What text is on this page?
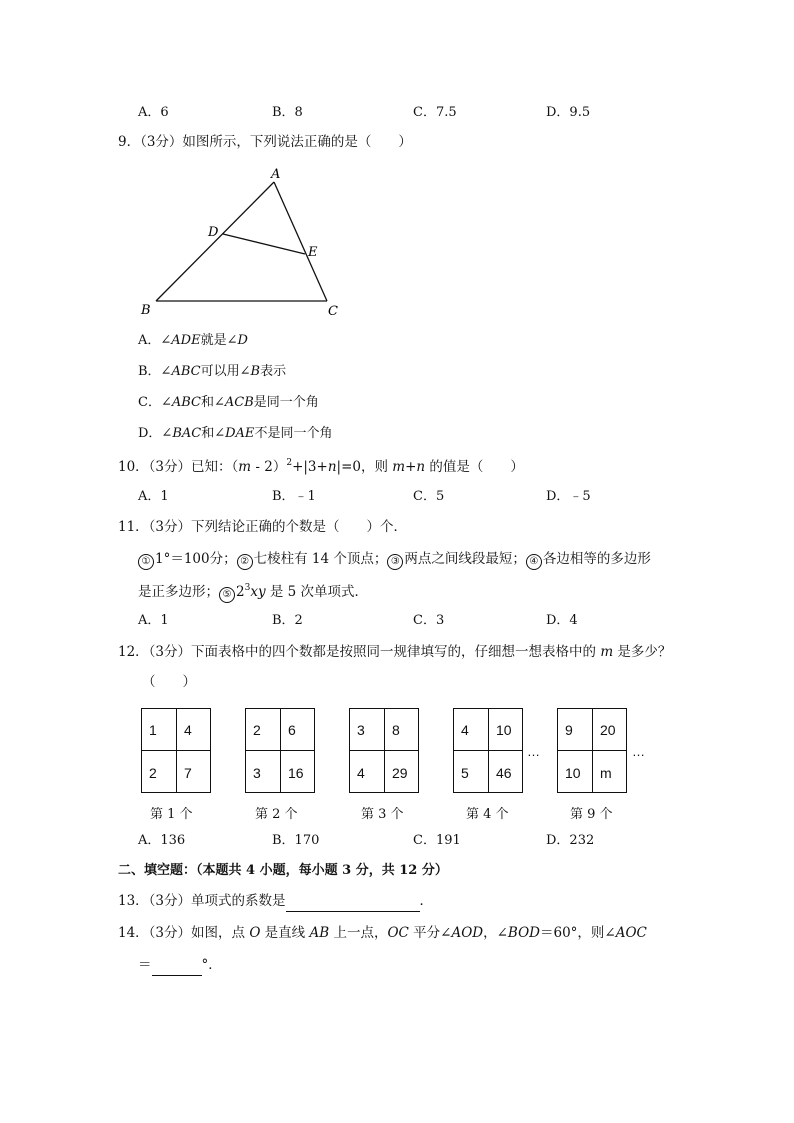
A．6	B．8	C．7.5	D．9.5
9．（3分）如图所示，下列说法正确的是（　　）
A
B	C
D
E
A．∠ADE就是∠D
B．∠ABC可以用∠B表示
C．∠ABC和∠ACB是同一个角
D．∠BAC和∠DAE不是同一个角
10．（3分）已知：（m - 2）$^2$+|3+n|=0，则 m+n 的值是（　　）
A．1	B．﹣1	C．5	D．﹣5
11．（3分）下列结论正确的个数是（　　）个．
① 1°＝100分； ② 七棱柱有 14 个顶点； ③ 两点之间线段最短； ④ 各边相等的多边形
是正多边形； ⑤ $2^3xy$ 是 5 次单项式．
A．1	B．2	C．3	D．4
12．（3分）下面表格中的四个数都是按照同一规律填写的，仔细想一想表格中的 m 是多少？
（　　）
1 4
2 7
第 1 个
2 6
3 16
第 2 个
3 8
4 29
第 3 个
4 10
5 46
第 4 个
…
9 20
10 m
第 9 个
…
A．136	B．170	C．191	D．232
二、填空题：（本题共 4 小题，每小题 3 分，共 12 分）
13．（3分）单项式的系数是	．
14．（3分）如图，点 O 是直线 AB 上一点，OC 平分∠AOD，∠BOD＝60°，则∠AOC
＝	°．
